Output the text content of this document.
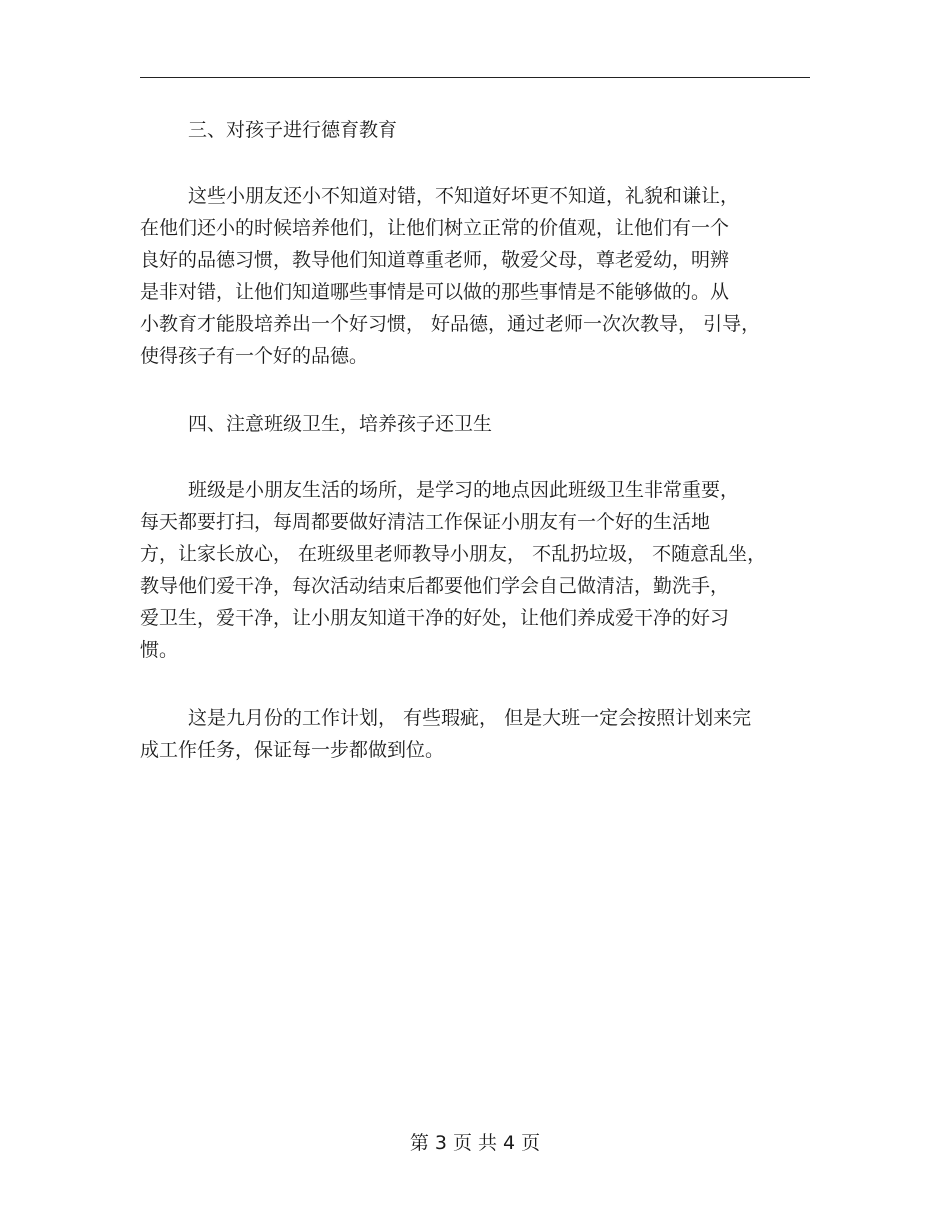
三、对孩子进行德育教育

这些小朋友还小不知道对错，不知道好坏更不知道，礼貌和谦让，
在他们还小的时候培养他们，让他们树立正常的价值观，让他们有一个
良好的品德习惯，教导他们知道尊重老师，敬爱父母，尊老爱幼，明辨
是非对错，让他们知道哪些事情是可以做的那些事情是不能够做的。从
小教育才能股培养出一个好习惯， 好品德，通过老师一次次教导， 引导，
使得孩子有一个好的品德。

四、注意班级卫生，培养孩子还卫生

班级是小朋友生活的场所，是学习的地点因此班级卫生非常重要，
每天都要打扫，每周都要做好清洁工作保证小朋友有一个好的生活地
方，让家长放心， 在班级里老师教导小朋友， 不乱扔垃圾， 不随意乱坐，
教导他们爱干净，每次活动结束后都要他们学会自己做清洁，勤洗手，
爱卫生，爱干净，让小朋友知道干净的好处，让他们养成爱干净的好习
惯。

这是九月份的工作计划， 有些瑕疵， 但是大班一定会按照计划来完
成工作任务，保证每一步都做到位。

第 3 页 共 4 页
